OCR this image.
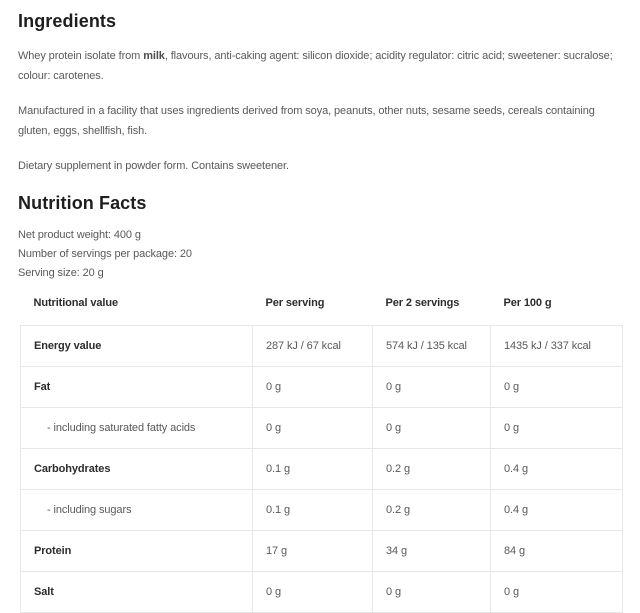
Ingredients

Whey protein isolate from milk, flavours, anti-caking agent: silicon dioxide; acidity regulator: citric acid; sweetener: sucralose; colour: carotenes.

Manufactured in a facility that uses ingredients derived from soya, peanuts, other nuts, sesame seeds, cereals containing gluten, eggs, shellfish, fish.

Dietary supplement in powder form. Contains sweetener.

Nutrition Facts
Net product weight: 400 g
Number of servings per package: 20
Serving size: 20 g
Nutritional value	Per serving	Per 2 servings	Per 100 g
Energy value	287 kJ / 67 kcal	574 kJ / 135 kcal	1435 kJ / 337 kcal
Fat	0 g	0 g	0 g
- including saturated fatty acids	0 g	0 g	0 g
Carbohydrates	0.1 g	0.2 g	0.4 g
- including sugars	0.1 g	0.2 g	0.4 g
Protein	17 g	34 g	84 g
Salt	0 g	0 g	0 g
